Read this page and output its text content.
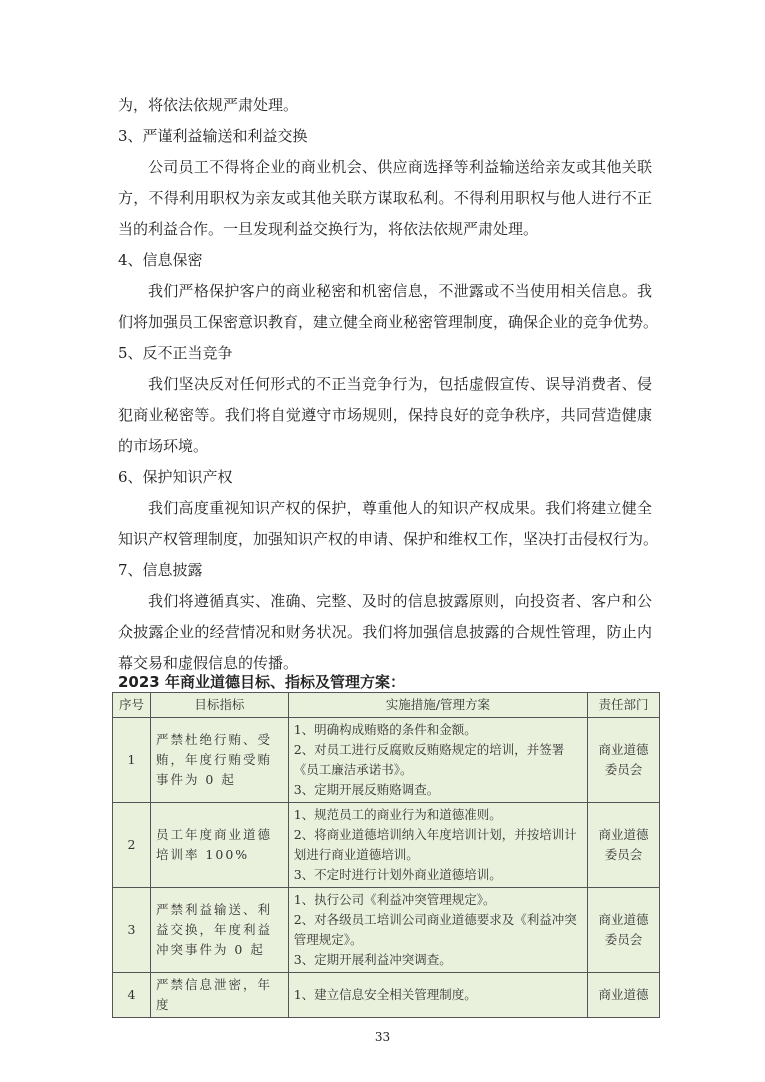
为，将依法依规严肃处理。
3、严谨利益输送和利益交换
公司员工不得将企业的商业机会、供应商选择等利益输送给亲友或其他关联
方，不得利用职权为亲友或其他关联方谋取私利。不得利用职权与他人进行不正
当的利益合作。一旦发现利益交换行为，将依法依规严肃处理。
4、信息保密
我们严格保护客户的商业秘密和机密信息，不泄露或不当使用相关信息。我
们将加强员工保密意识教育，建立健全商业秘密管理制度，确保企业的竞争优势。
5、反不正当竞争
我们坚决反对任何形式的不正当竞争行为，包括虚假宣传、误导消费者、侵
犯商业秘密等。我们将自觉遵守市场规则，保持良好的竞争秩序，共同营造健康
的市场环境。
6、保护知识产权
我们高度重视知识产权的保护，尊重他人的知识产权成果。我们将建立健全
知识产权管理制度，加强知识产权的申请、保护和维权工作，坚决打击侵权行为。
7、信息披露
我们将遵循真实、准确、完整、及时的信息披露原则，向投资者、客户和公
众披露企业的经营情况和财务状况。我们将加强信息披露的合规性管理，防止内
幕交易和虚假信息的传播。
2023 年商业道德目标、指标及管理方案：
序号	目标指标	实施措施/管理方案	责任部门
1	严禁杜绝行贿、受贿，年度行贿受贿事件为 0 起	1、明确构成贿赂的条件和金额。
2、对员工进行反腐败反贿赂规定的培训，并签署《员工廉洁承诺书》。
3、定期开展反贿赂调查。	商业道德委员会
2	员工年度商业道德培训率 100%	1、规范员工的商业行为和道德准则。
2、将商业道德培训纳入年度培训计划，并按培训计划进行商业道德培训。
3、不定时进行计划外商业道德培训。	商业道德委员会
3	严禁利益输送、利益交换，年度利益冲突事件为 0 起	1、执行公司《利益冲突管理规定》。
2、对各级员工培训公司商业道德要求及《利益冲突管理规定》。
3、定期开展利益冲突调查。	商业道德委员会
4	严禁信息泄密，年度	1、建立信息安全相关管理制度。	商业道德
33
